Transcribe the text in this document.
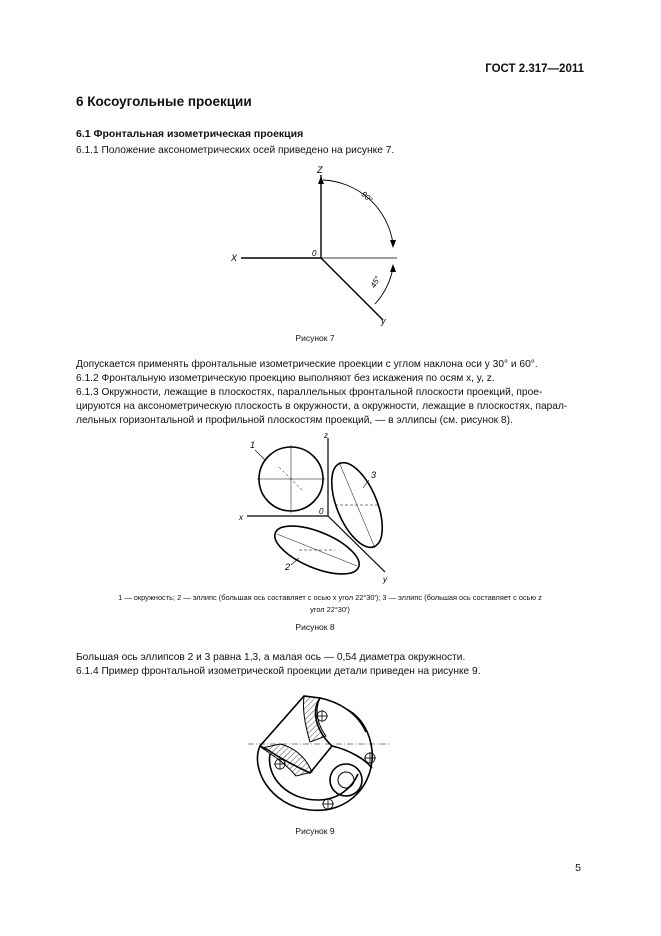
ГОСТ 2.317—2011
6 Косоугольные проекции
6.1 Фронтальная изометрическая проекция
6.1.1 Положение аксонометрических осей приведено на рисунке 7.
Z
X	0
y
90°
45°
Рисунок 7
Допускается применять фронтальные изометрические проекции с углом наклона оси y 30° и 60°.
6.1.2 Фронтальную изометрическую проекцию выполняют без искажения по осям x, y, z.
6.1.3 Окружности, лежащие в плоскостях, параллельных фронтальной плоскости проекций, прое-
цируются на аксонометрическую плоскость в окружности, а окружности, лежащие в плоскостях, парал-
лельных горизонтальной и профильной плоскостям проекций, — в эллипсы (см. рисунок 8).
z
x
0
y
1
2
3
1 — окружность; 2 — эллипс (большая ось составляет с осью x угол 22°30′); 3 — эллипс (большая ось составляет с осью z
угол 22°30′)
Рисунок 8
Большая ось эллипсов 2 и 3 равна 1,3, а малая ось — 0,54 диаметра окружности.
6.1.4 Пример фронтальной изометрической проекции детали приведен на рисунке 9.
Рисунок 9
5
